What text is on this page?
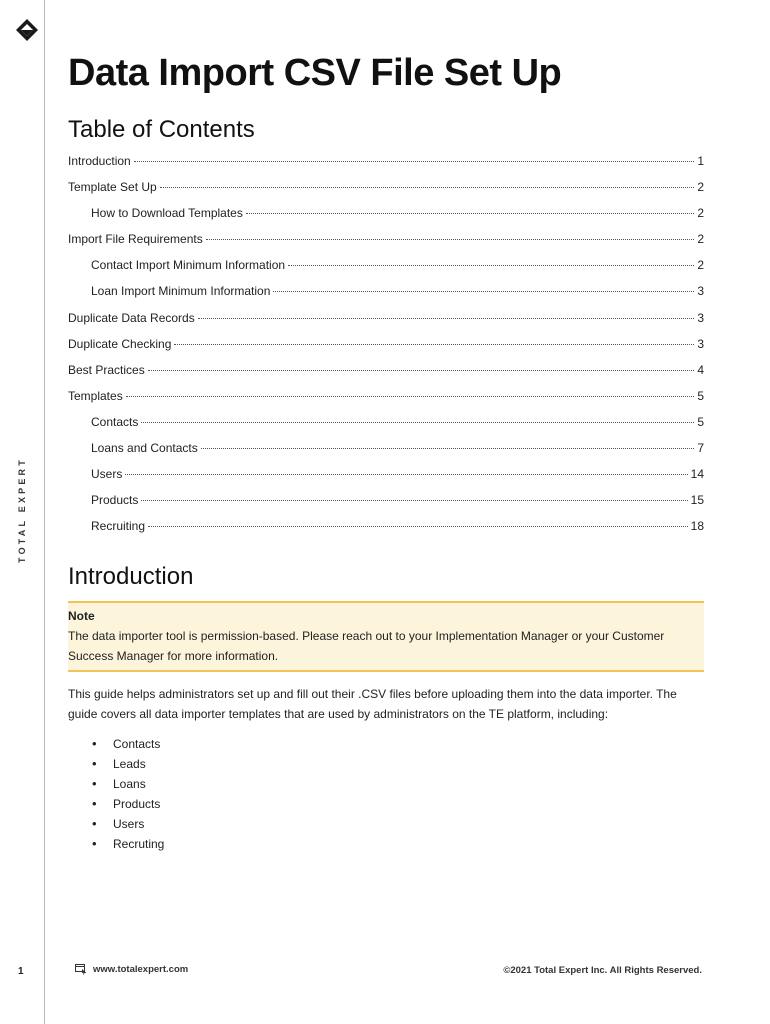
TOTAL EXPERT
1
Data Import CSV File Set Up
Table of Contents
Introduction	1
Template Set Up	2
How to Download Templates	2
Import File Requirements	2
Contact Import Minimum Information	2
Loan Import Minimum Information	3
Duplicate Data Records	3
Duplicate Checking	3
Best Practices	4
Templates	5
Contacts	5
Loans and Contacts	7
Users	14
Products	15
Recruiting	18
Introduction
Note
The data importer tool is permission-based. Please reach out to your Implementation Manager or your Customer Success Manager for more information.

This guide helps administrators set up and fill out their .CSV files before uploading them into the data importer. The guide covers all data importer templates that are used by administrators on the TE platform, including:

• Contacts
• Leads
• Loans
• Products
• Users
• Recruting
www.totalexpert.com	©2021 Total Expert Inc. All Rights Reserved.
